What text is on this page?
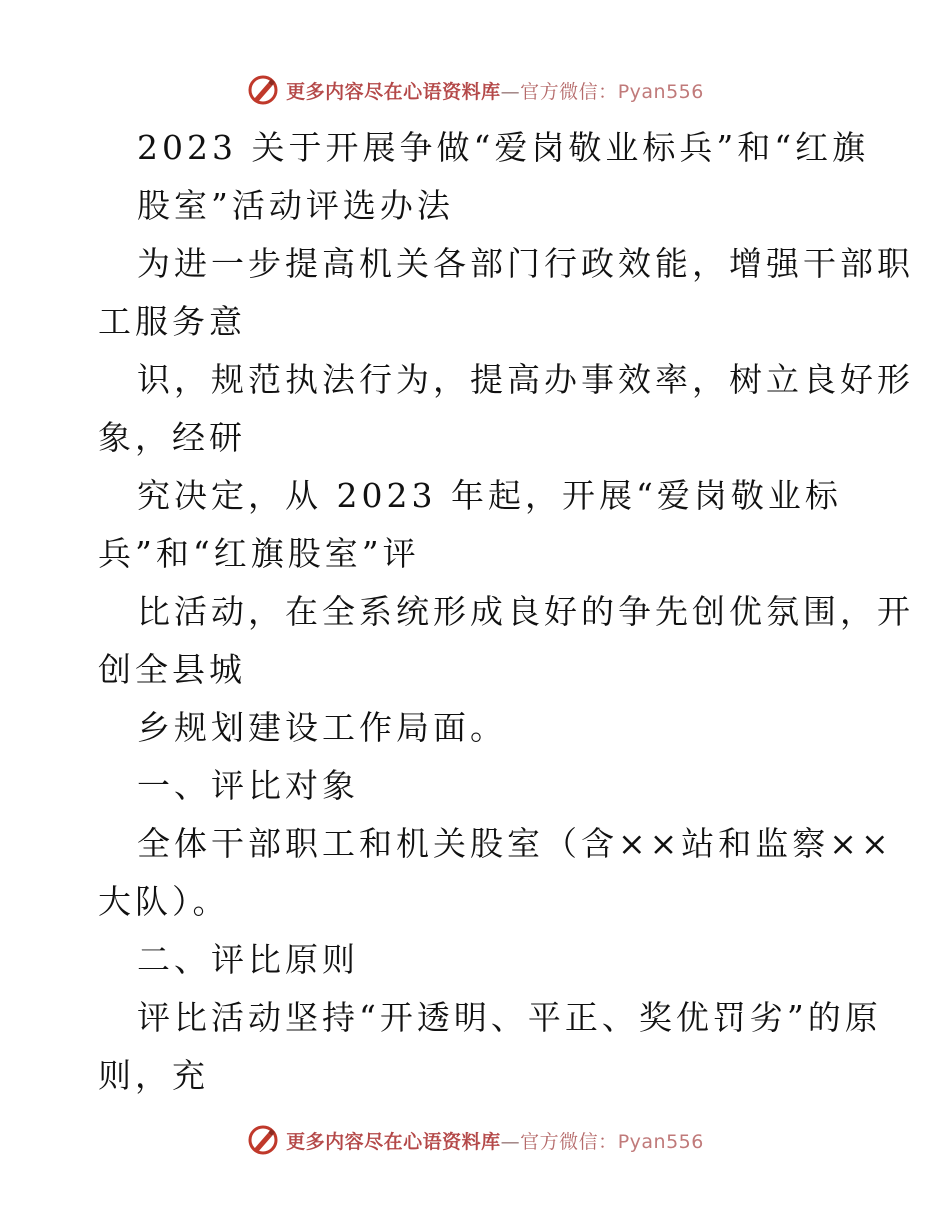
更多内容尽在心语资料库—官方微信：Pyan556
2023 关于开展争做“爱岗敬业标兵”和“红旗
股室”活动评选办法
为进一步提高机关各部门行政效能，增强干部职
工服务意
识，规范执法行为，提高办事效率，树立良好形
象，经研
究决定，从 2023 年起，开展“爱岗敬业标
兵”和“红旗股室”评
比活动，在全系统形成良好的争先创优氛围，开
创全县城
乡规划建设工作局面。
一、评比对象
全体干部职工和机关股室（含××站和监察××
大队）。
二、评比原则
评比活动坚持“开透明、平正、奖优罚劣”的原
则，充
更多内容尽在心语资料库—官方微信：Pyan556
